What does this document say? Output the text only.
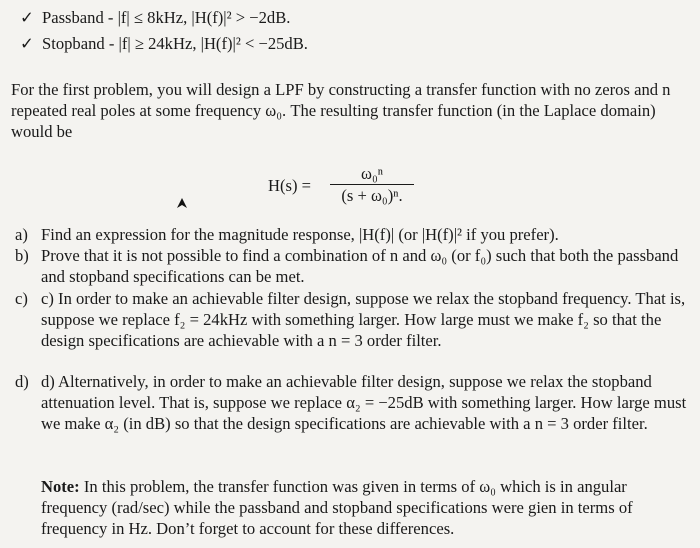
✓ Passband - |f| ≤ 8kHz, |H(f)|² > −2dB.
✓ Stopband - |f| ≥ 24kHz, |H(f)|² < −25dB.
For the first problem, you will design a LPF by constructing a transfer function with no zeros and n repeated real poles at some frequency ω₀. The resulting transfer function (in the Laplace domain) would be
H(s) =
ω₀ⁿ
(s + ω₀)ⁿ.
a) Find an expression for the magnitude response, |H(f)| (or |H(f)|² if you prefer).
b) Prove that it is not possible to find a combination of n and ω₀ (or f₀) such that both the passband and stopband specifications can be met.
c) c) In order to make an achievable filter design, suppose we relax the stopband frequency. That is, suppose we replace f₂ = 24kHz with something larger. How large must we make f₂ so that the design specifications are achievable with a n = 3 order filter.
d) d) Alternatively, in order to make an achievable filter design, suppose we relax the stopband attenuation level. That is, suppose we replace α₂ = −25dB with something larger. How large must we make α₂ (in dB) so that the design specifications are achievable with a n = 3 order filter.
Note: In this problem, the transfer function was given in terms of ω₀ which is in angular frequency (rad/sec) while the passband and stopband specifications were gien in terms of frequency in Hz. Don’t forget to account for these differences.
